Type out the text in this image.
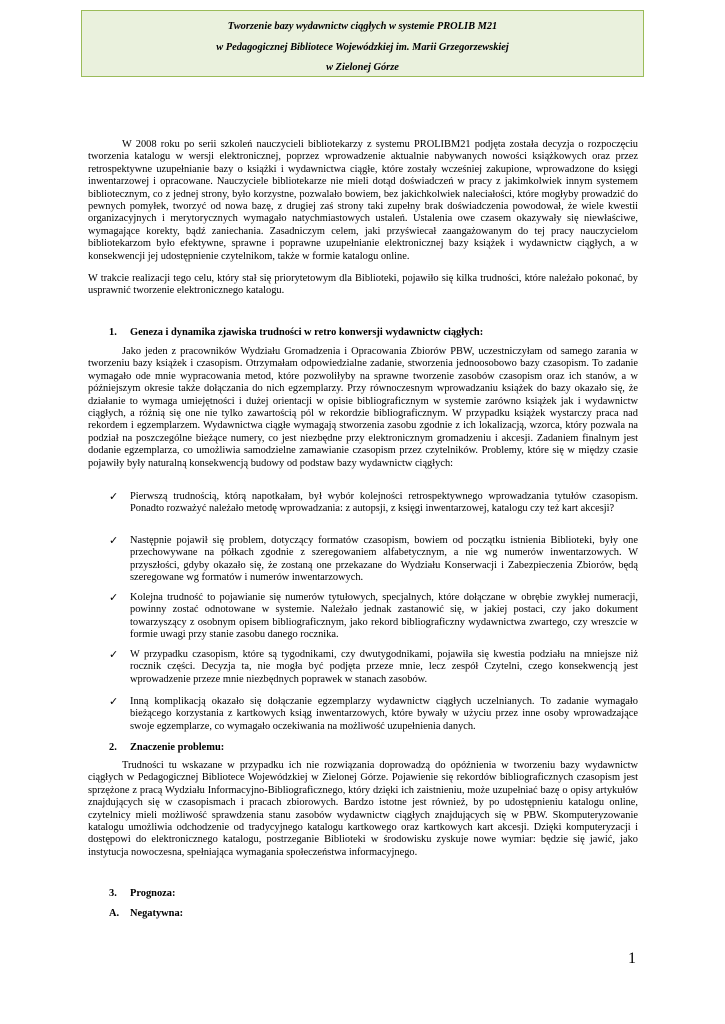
Tworzenie bazy wydawnictw ciągłych w systemie PROLIB M21
w Pedagogicznej Bibliotece Wojewódzkiej im. Marii Grzegorzewskiej
w Zielonej Górze

W 2008 roku po serii szkoleń nauczycieli bibliotekarzy z systemu PROLIBM21 podjęta została decyzja o rozpoczęciu tworzenia katalogu w wersji elektronicznej, poprzez wprowadzenie aktualnie nabywanych nowości książkowych oraz przez retrospektywne uzupełnianie bazy o książki i wydawnictwa ciągłe, które zostały wcześniej zakupione, wprowadzone do księgi inwentarzowej i opracowane. Nauczyciele bibliotekarze nie mieli dotąd doświadczeń w pracy z jakimkolwiek innym systemem bibliotecznym, co z jednej strony, było korzystne, pozwalało bowiem, bez jakichkolwiek naleciałości, które mogłyby prowadzić do pewnych pomyłek, tworzyć od nowa bazę, z drugiej zaś strony taki zupełny brak doświadczenia powodował, że wiele kwestii organizacyjnych i merytorycznych wymagało natychmiastowych ustaleń. Ustalenia owe czasem okazywały się niewłaściwe, wymagające korekty, bądź zaniechania. Zasadniczym celem, jaki przyświecał zaangażowanym do tej pracy nauczycielom bibliotekarzom było efektywne, sprawne i poprawne uzupełnianie elektronicznej bazy książek i wydawnictw ciągłych, a w konsekwencji jej udostępnienie czytelnikom, także w formie katalogu online.

W trakcie realizacji tego celu, który stał się priorytetowym dla Biblioteki, pojawiło się kilka trudności, które należało pokonać, by usprawnić tworzenie elektronicznego katalogu.

1. Geneza i dynamika zjawiska trudności w retro konwersji wydawnictw ciągłych:

Jako jeden z pracowników Wydziału Gromadzenia i Opracowania Zbiorów PBW, uczestniczyłam od samego zarania w tworzeniu bazy książek i czasopism. Otrzymałam odpowiedzialne zadanie, stworzenia jednoosobowo bazy czasopism. To zadanie wymagało ode mnie wypracowania metod, które pozwoliłyby na sprawne tworzenie zasobów czasopism oraz ich stanów, a w późniejszym okresie także dołączania do nich egzemplarzy. Przy równoczesnym wprowadzaniu książek do bazy okazało się, że działanie to wymaga umiejętności i dużej orientacji w opisie bibliograficznym w systemie zarówno książek jak i wydawnictw ciągłych, a różnią się one nie tylko zawartością pól w rekordzie bibliograficznym. W przypadku książek wystarczy praca nad rekordem i egzemplarzem. Wydawnictwa ciągłe wymagają stworzenia zasobu zgodnie z ich lokalizacją, wzorca, który pozwala na podział na poszczególne bieżące numery, co jest niezbędne przy elektronicznym gromadzeniu i akcesji. Zadaniem finalnym jest dodanie egzemplarza, co umożliwia samodzielne zamawianie czasopism przez czytelników. Problemy, które się w między czasie pojawiły były naturalną konsekwencją budowy od podstaw bazy wydawnictw ciągłych:

✓	Pierwszą trudnością, którą napotkałam, był wybór kolejności retrospektywnego wprowadzania tytułów czasopism. Ponadto rozważyć należało metodę wprowadzania: z autopsji, z księgi inwentarzowej, katalogu czy też kart akcesji?
✓	Następnie pojawił się problem, dotyczący formatów czasopism, bowiem od początku istnienia Biblioteki, były one przechowywane na półkach zgodnie z szeregowaniem alfabetycznym, a nie wg numerów inwentarzowych. W przyszłości, gdyby okazało się, że zostaną one przekazane do Wydziału Konserwacji i Zabezpieczenia Zbiorów, będą szeregowane wg formatów i numerów inwentarzowych.
✓	Kolejna trudność to pojawianie się numerów tytułowych, specjalnych, które dołączane w obrębie zwykłej numeracji, powinny zostać odnotowane w systemie. Należało jednak zastanowić się, w jakiej postaci, czy jako dokument towarzyszący z osobnym opisem bibliograficznym, jako rekord bibliograficzny wydawnictwa zwartego, czy wreszcie w formie uwagi przy stanie zasobu danego rocznika.
✓	W przypadku czasopism, które są tygodnikami, czy dwutygodnikami, pojawiła się kwestia podziału na mniejsze niż rocznik części. Decyzja ta, nie mogła być podjęta przeze mnie, lecz zespół Czytelni, czego konsekwencją jest wprowadzenie przeze mnie niezbędnych poprawek w stanach zasobów.
✓	Inną komplikacją okazało się dołączanie egzemplarzy wydawnictw ciągłych uczelnianych. To zadanie wymagało bieżącego korzystania z kartkowych ksiąg inwentarzowych, które bywały w użyciu przez inne osoby wprowadzające swoje egzemplarze, co wymagało oczekiwania na możliwość uzupełnienia danych.

2. Znaczenie problemu:

Trudności tu wskazane w przypadku ich nie rozwiązania doprowadzą do opóźnienia w tworzeniu bazy wydawnictw ciągłych w Pedagogicznej Bibliotece Wojewódzkiej w Zielonej Górze. Pojawienie się rekordów bibliograficznych czasopism jest sprzężone z pracą Wydziału Informacyjno-Bibliograficznego, który dzięki ich zaistnieniu, może uzupełniać bazę o opisy artykułów znajdujących się w czasopismach i pracach zbiorowych. Bardzo istotne jest również, by po udostępnieniu katalogu online, czytelnicy mieli możliwość sprawdzenia stanu zasobów wydawnictw ciągłych znajdujących się w PBW. Skomputeryzowanie katalogu umożliwia odchodzenie od tradycyjnego katalogu kartkowego oraz kartkowych kart akcesji. Dzięki komputeryzacji i dostępowi do elektronicznego katalogu, postrzeganie Biblioteki w środowisku zyskuje nowe wymiar: będzie się jawić, jako instytucja nowoczesna, spełniająca wymagania społeczeństwa informacyjnego.

3. Prognoza:

A. Negatywna:

1
